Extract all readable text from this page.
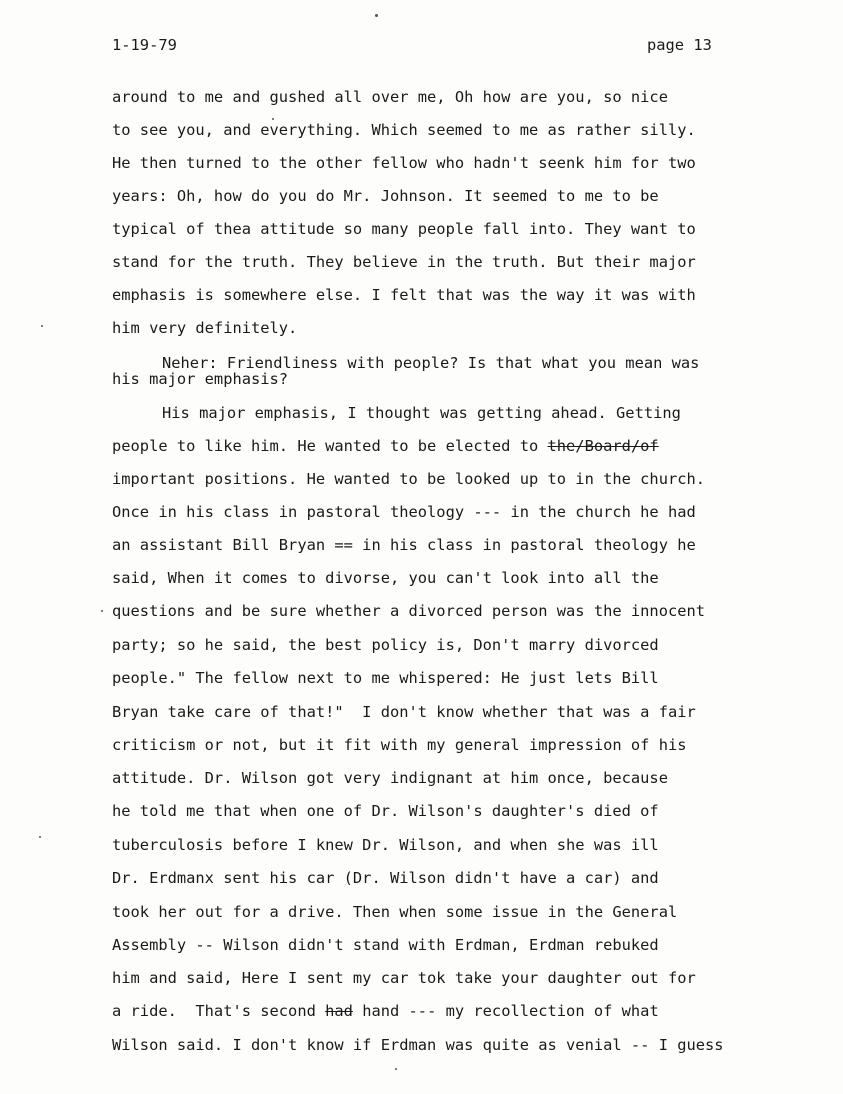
1-19-79	page 13
around to me and gushed all over me, Oh how are you, so nice
to see you, and everything. Which seemed to me as rather silly.
He then turned to the other fellow who hadn't seenk him for two
years: Oh, how do you do Mr. Johnson. It seemed to me to be
typical of thea attitude so many people fall into. They want to
stand for the truth. They believe in the truth. But their major
emphasis is somewhere else. I felt that was the way it was with
him very definitely.
Neher: Friendliness with people? Is that what you mean was
his major emphasis?
His major emphasis, I thought was getting ahead. Getting
people to like him. He wanted to be elected to the/Board/of
important positions. He wanted to be looked up to in the church.
Once in his class in pastoral theology --- in the church he had
an assistant Bill Bryan == in his class in pastoral theology he
said, When it comes to divorse, you can't look into all the
questions and be sure whether a divorced person was the innocent
party; so he said, the best policy is, Don't marry divorced
people." The fellow next to me whispered: He just lets Bill
Bryan take care of that!"  I don't know whether that was a fair
criticism or not, but it fit with my general impression of his
attitude. Dr. Wilson got very indignant at him once, because
he told me that when one of Dr. Wilson's daughter's died of
tuberculosis before I knew Dr. Wilson, and when she was ill
Dr. Erdmanx sent his car (Dr. Wilson didn't have a car) and
took her out for a drive. Then when some issue in the General
Assembly -- Wilson didn't stand with Erdman, Erdman rebuked
him and said, Here I sent my car tok take your daughter out for
a ride.  That's second had hand --- my recollection of what
Wilson said. I don't know if Erdman was quite as venial -- I guess
